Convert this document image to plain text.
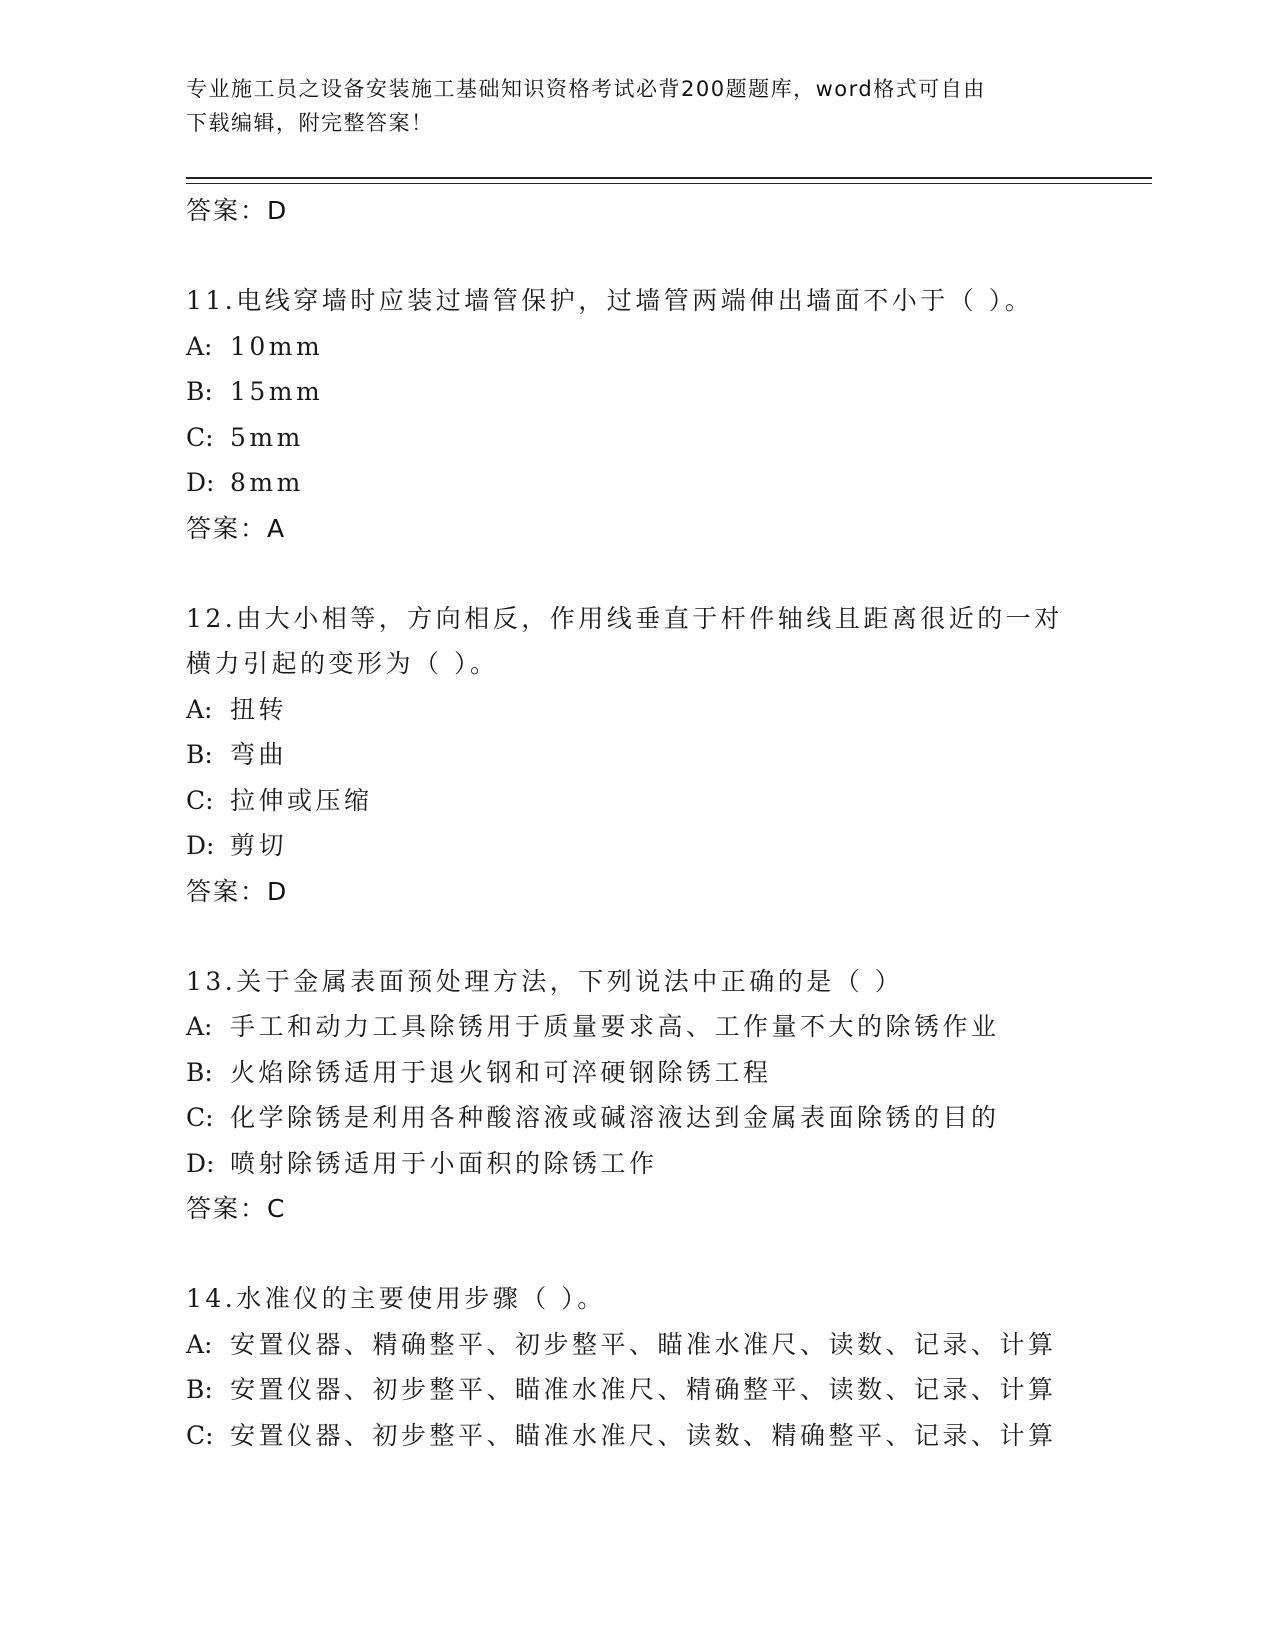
专业施工员之设备安装施工基础知识资格考试必背200题题库，word格式可自由
下载编辑，附完整答案！
答案：D
11.电线穿墙时应装过墙管保护，过墙管两端伸出墙面不小于（ ）。
A: 10mm
B: 15mm
C: 5mm
D: 8mm
答案：A
12.由大小相等，方向相反，作用线垂直于杆件轴线且距离很近的一对
横力引起的变形为（ ）。
A: 扭转
B: 弯曲
C: 拉伸或压缩
D: 剪切
答案：D
13.关于金属表面预处理方法，下列说法中正确的是（ ）
A: 手工和动力工具除锈用于质量要求高、工作量不大的除锈作业
B: 火焰除锈适用于退火钢和可淬硬钢除锈工程
C: 化学除锈是利用各种酸溶液或碱溶液达到金属表面除锈的目的
D: 喷射除锈适用于小面积的除锈工作
答案：C
14.水准仪的主要使用步骤（ ）。
A: 安置仪器、精确整平、初步整平、瞄准水准尺、读数、记录、计算
B: 安置仪器、初步整平、瞄准水准尺、精确整平、读数、记录、计算
C: 安置仪器、初步整平、瞄准水准尺、读数、精确整平、记录、计算
